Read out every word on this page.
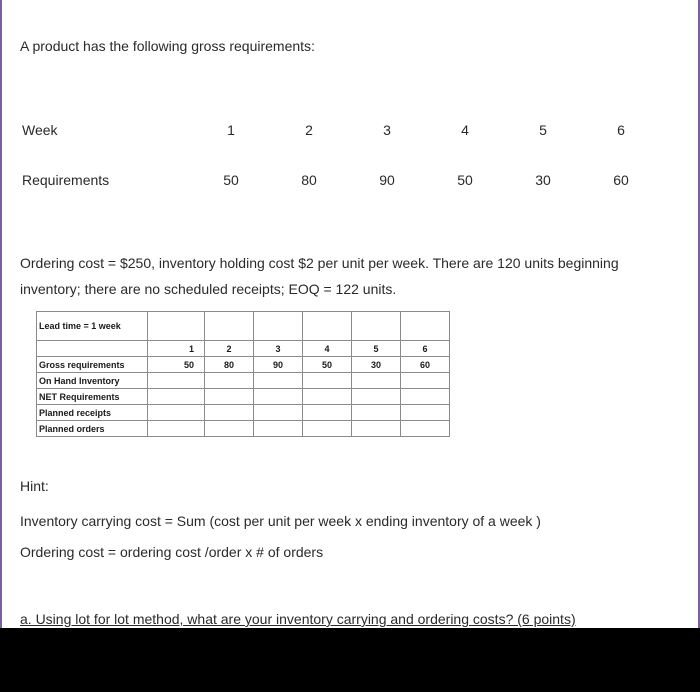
A product has the following gross requirements:
Week	1	2	3	4	5	6

Requirements	50	80	90	50	30	60
Ordering cost = $250, inventory holding cost $2 per unit per week. There are 120 units beginning inventory; there are no scheduled receipts; EOQ = 122 units.
Lead time = 1 week						
	1	2	3	4	5	6
Gross requirements	50	80	90	50	30	60
On Hand Inventory						
NET Requirements						
Planned receipts						
Planned orders						
Hint:
Inventory carrying cost = Sum (cost per unit per week x ending inventory of a week )
Ordering cost = ordering cost /order x # of orders
a. Using lot for lot method, what are your inventory carrying and ordering costs? (6 points)
